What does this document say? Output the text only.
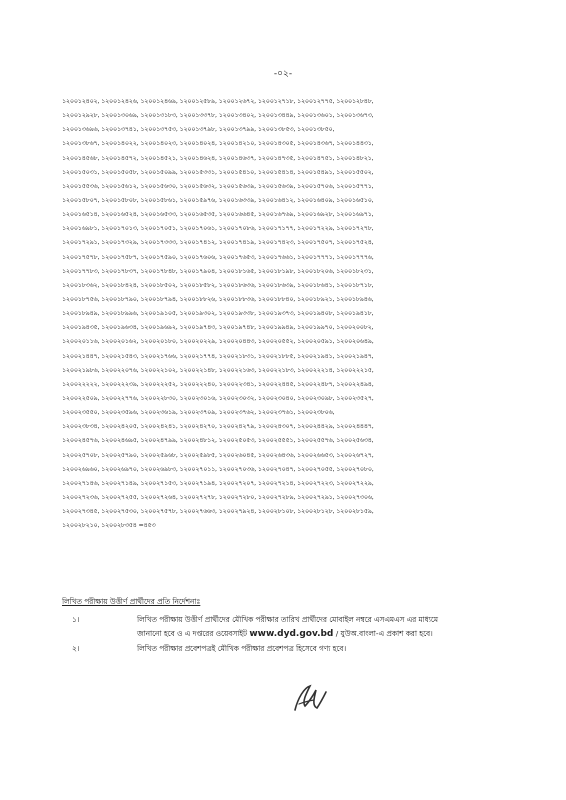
-০২-
১২০০১২৪০২, ১২০০১২৪২৬, ১২০০১২৪৬৯, ১২০০১২৫৮৯, ১২০০১২৬৭২, ১২০০১২৭১৮, ১২০০১২৭৭৫, ১২০০১২৮৪৮,
১২০০১২৯২৮, ১২০০১৩০৬৯, ১২০০১৩১৮৩, ১২০০১৩৩৭৮, ১২০০১৩৪০২, ১২০০১৩৪৪৯, ১২০০১৩৬০১, ১২০০১৩৬৭৩,
১২০০১৩৬৯৬, ১২০০১৩৭৪১, ১২০০১৩৭৫৩, ১২০০১৩৭৯৮, ১২০০১৩৭৯৯, ১২০০১৩৮৫৩, ১২০০১৩৮৫০,
১২০০১৩৮৬৭, ১২০০১৪০২২, ১২০০১৪০২৩, ১২০০১৪০২৪, ১২০০১৪২১০, ১২০০১৪৩০৫, ১২০০১৪৩৬৭, ১২০০১৪৪৩১,
১২০০১৪৫৬৮, ১২০০১৪৫৭২, ১২০০১৪৫২১, ১২০০১৪৬২৪, ১২০০১৪৬৩৭, ১২০০১৪৭৩৫, ১২০০১৪৭৫১, ১২০০১৪৮২১,
১২০০১৫০৩১, ১২০০১৫০৫৮, ১২০০১৫০৯৯, ১২০০১৫৩৩১, ১২০০১৫৪১০, ১২০০১৫৪১৪, ১২০০১৫৪৯১, ১২০০১৫৫০২,
১২০০১৫৫৩৬, ১২০০১৫৬১২, ১২০০১৫৬৩০, ১২০০১৫৬৩২, ১২০০১৫৬৩৯, ১২০০১৫৬৩৯, ১২০০১৫৭০৬, ১২০০১৫৭৭১,
১২০০১৫৮০৭, ১২০০১৫৮০৮, ১২০০১৫৮৬১, ১২০০১৫৯৭৬, ১২০০১৬৩৩৯, ১২০০১৬৪১২, ১২০০১৬৪০৯, ১২০০১৬৫১০,
১২০০১৬৫১৪, ১২০০১৬৫২৪, ১২০০১৬৫৩৩, ১২০০১৬৫৩৫, ১২০০১৬৬৪৫, ১২০০১৬৭৬৯, ১২০০১৬৯২৮, ১২০০১৬৯৭১,
১২০০১৬৯৮১, ১২০০১৭০১৩, ১২০০১৭০৫১, ১২০০১৭০৬১, ১২০০১৭০৮৬, ১২০০১৭১৭৭, ১২০০১৭২২৯, ১২০০১৭২৭৮,
১২০০১৭২৯১, ১২০০১৭৩২৯, ১২০০১৭৩৩৩, ১২০০১৭৪১২, ১২০০১৭৪১৯, ১২০০১৭৪২৩, ১২০০১৭৫০৭, ১২০০১৭৫২৪,
১২০০১৭৫৭৮, ১২০০১৭৫৮৭, ১২০০১৭৫৯০, ১২০০১৭৬০৬, ১২০০১৭৬৫৩, ১২০০১৭৬৬১, ১২০০১৭৭৭১, ১২০০১৭৭৭৬,
১২০০১৭৭৮৩, ১২০০১৭৮৩৭, ১২০০১৭৮৪৮, ১২০০১৭৯০৪, ১২০০১৮১৬৫, ১২০০১৮১৯৮, ১২০০১৮২০৬, ১২০০১৮২৩১,
১২০০১৮৩৬২, ১২০০১৮৪২৪, ১২০০১৮৫০২, ১২০০১৮৫৮২, ১২০০১৮৬৩৬, ১২০০১৮৬৩৯, ১২০০১৮৬৪১, ১২০০১৮৭১৮,
১২০০১৮৭৫৬, ১২০০১৮৭৯০, ১২০০১৮৭৯৪, ১২০০১৮৮২৬, ১২০০১৮৮৩৬, ১২০০১৮৮৪০, ১২০০১৮৯২১, ১২০০১৮৯৪৬,
১২০০১৮৯৪৯, ১২০০১৮৯৯৬, ১২০০১৯১০৫, ১২০০১৯৩০২, ১২০০১৯৩৩৮, ১২০০১৯৩৭৩, ১২০০১৯৪০৮, ১২০০১৯৪১৮,
১২০০১৯৪৩৫, ১২০০১৯৬৩৪, ১২০০১৯৬৯২, ১২০০১৯৭৪৩, ১২০০১৯৭৪৮, ১২০০১৯৯৪৯, ১২০০১৯৯৭০, ১২০০২০০৮২,
১২০০২০১১৬, ১২০০২০১৬২, ১২০০২০১৮০, ১২০০২০২২৯, ১২০০২০৪৪৩, ১২০০২০৫৫২, ১২০০২০৫৯১, ১২০০২০৬৪৯,
১২০০২১৪৪৭, ১২০০২১৫৪৩, ১২০০২১৭৬৬, ১২০০২১৭৭৪, ১২০০২১৮৩১, ১২০০২১৮৮৫, ১২০০২১৯৪১, ১২০০২১৯৪৭,
১২০০২১৯৮৬, ১২০০২২০৭৬, ১২০০২২১০২, ১২০০২২১৪৮, ১২০০২২১৬৩, ১২০০২২১৮৩, ১২০০২২২১৪, ১২০০২২২১৫,
১২০০২২২২২, ১২০০২২২৩৯, ১২০০২২২৫২, ১২০০২২২৪০, ১২০০২২৩৪১, ১২০০২২৪৪৫, ১২০০২২৪৮৭, ১২০০২২৪৯৪,
১২০০২২৫০৯, ১২০০২২৭৭৬, ১২০০২২৮৩০, ১২০০২৩০১৬, ১২০০২৩০৩২, ১২০০২৩০৪০, ১২০০২৩০৯৮, ১২০০২৩৫২৭,
১২০০২৩৫৫০, ১২০০২৩৫৯৬, ১২০০২৩৬১৯, ১২০০২৩৭০৯, ১২০০২৩৭৬২, ১২০০২৩৭৬১, ১২০০২৩৮০৬,
১২০০২৩৮৩৪, ১২০০২৪২০৫, ১২০০২৪২৪১, ১২০০২৪২৭০, ১২০০২৪২৭৯, ১২০০২৪৩০৭, ১২০০২৪৪২৯, ১২০০২৪৪৪৭,
১২০০২৪৫৭৬, ১২০০২৪৬৯৫, ১২০০২৪৭৯৯, ১২০০২৪৮১২, ১২০০২৫০৫৩, ১২০০২৫৫৫১, ১২০০২৫৫৭৬, ১২০০২৫৬৩৪,
১২০০২৫৭০৮, ১২০০২৫৭৯০, ১২০০২৫৯৬৮, ১২০০২৫৯৮৫, ১২০০২৬০৪৫, ১২০০২৬৪৩৬, ১২০০২৬৬৫৩, ১২০০২৬৭২৭,
১২০০২৬৯৬০, ১২০০২৬৯৭০, ১২০০২৬৯৮৩, ১২০০২৭০১১, ১২০০২৭০৩৬, ১২০০২৭০৪৭, ১২০০২৭০৫৫, ১২০০২৭০৮০,
১২০০২৭১৪৬, ১২০০২৭১৪৯, ১২০০২৭১৫৩, ১২০০২৭১৯৪, ১২০০২৭২০৭, ১২০০২৭২১৪, ১২০০২৭২২৩, ১২০০২৭২২৯,
১২০০২৭২৩৬, ১২০০২৭২৫৫, ১২০০২৭২৬৪, ১২০০২৭২৭৮, ১২০০২৭২৮০, ১২০০২৭২৮৯, ১২০০২৭২৯১, ১২০০২৭৩০৬,
১২০০২৭৩৪৫, ১২০০২৭৫৩০, ১২০০২৭৫৭৮, ১২০০২৭৬৬৩, ১২০০২৭৯২৪, ১২০০২৮১০৮, ১২০০২৮১২৮, ১২০০২৮১৫৯,
১২০০২৮২১০, ১২০০২৮৩৫৪ =৪৫৩
লিখিত পরীক্ষায় উত্তীর্ণ প্রার্থীদের প্রতি নির্দেশনাঃ
১।	লিখিত পরীক্ষায় উত্তীর্ণ প্রার্থীদের মৌখিক পরীক্ষার তারিখ প্রার্থীদের মোবাইল নম্বরে এসএমএস এর মাধ্যমে
জানানো হবে ও এ দপ্তরের ওয়েবসাইট www.dyd.gov.bd / যুউঅ.বাংলা-এ প্রকাশ করা হবে।
২।	লিখিত পরীক্ষার প্রবেশপত্রই মৌখিক পরীক্ষার প্রবেশপত্র হিসেবে গণ্য হবে।
